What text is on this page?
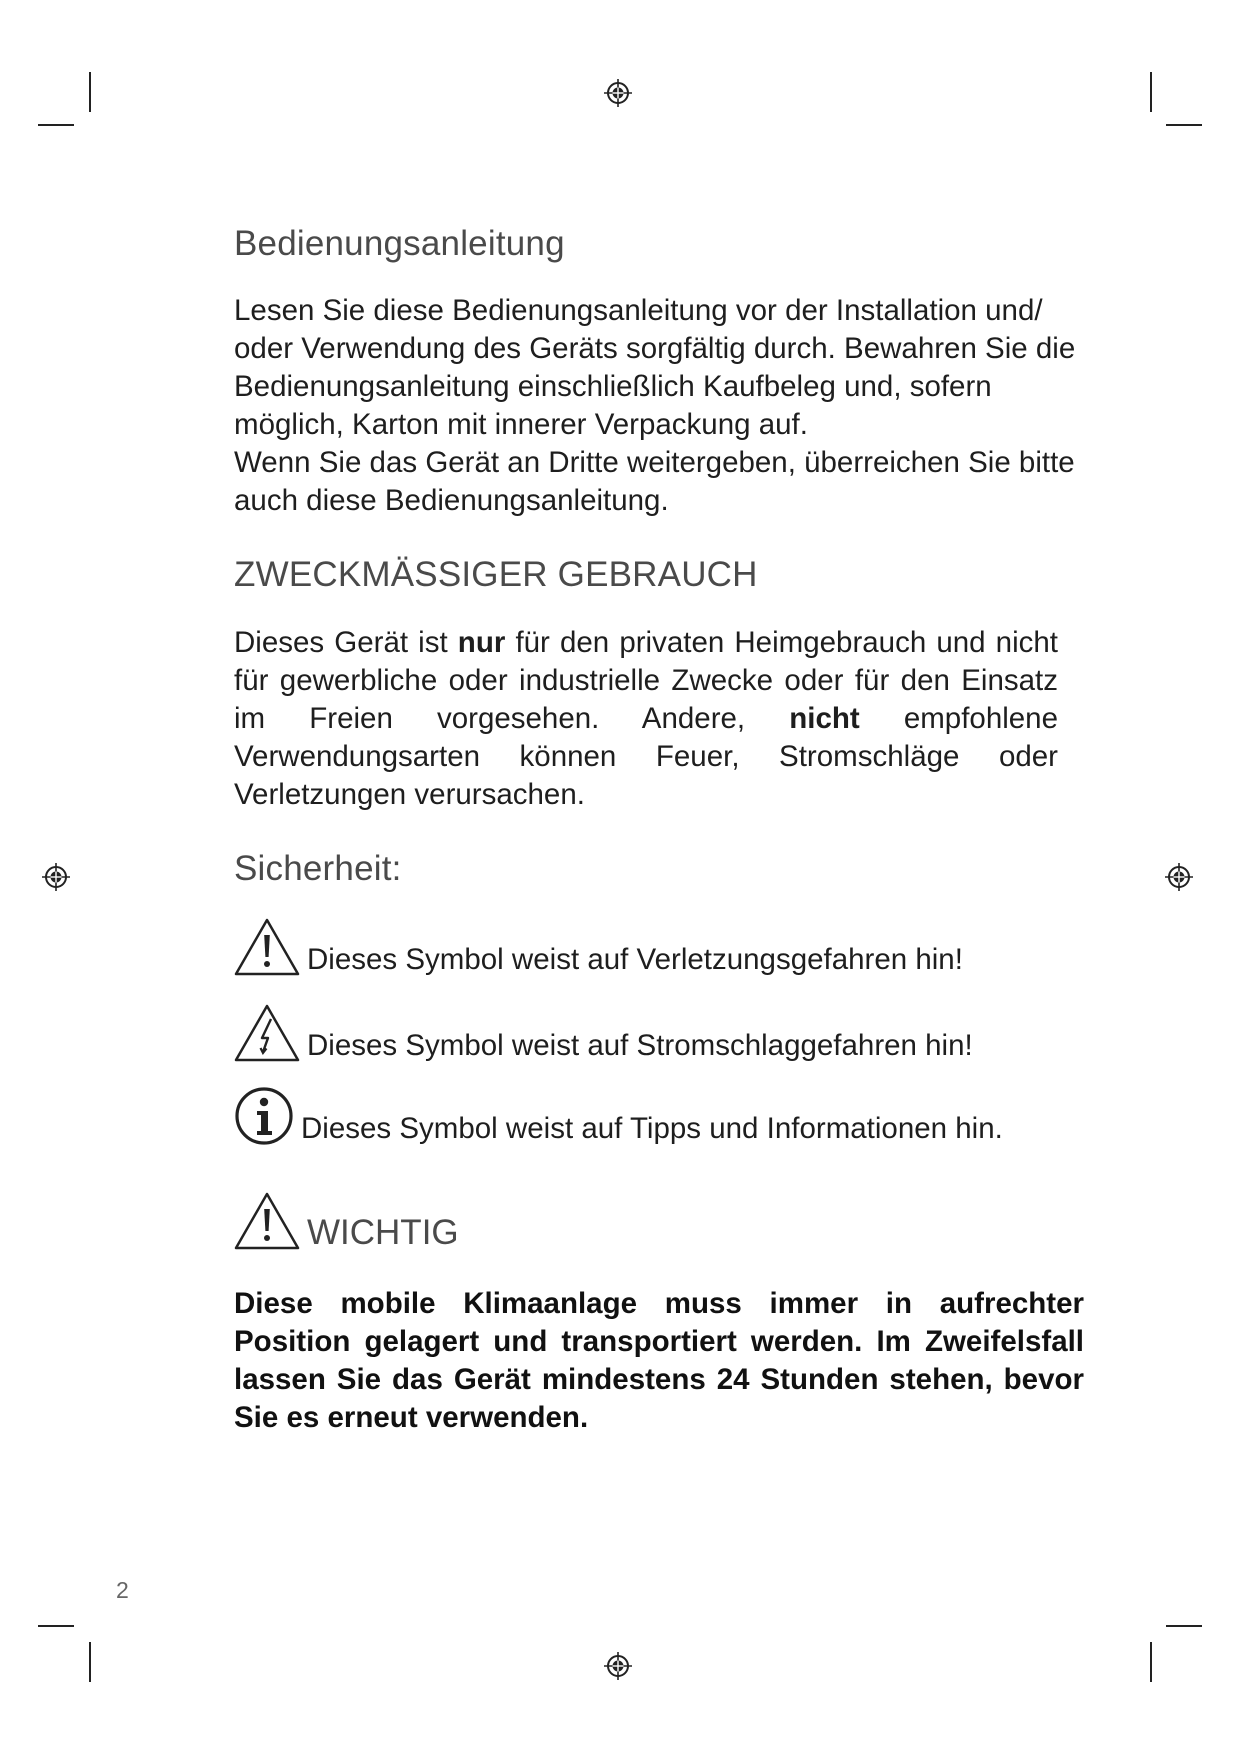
Bedienungsanleitung

Lesen Sie diese Bedienungsanleitung vor der Installation und/ oder Verwendung des Geräts sorgfältig durch. Bewahren Sie die Bedienungsanleitung einschließlich Kaufbeleg und, sofern möglich, Karton mit innerer Verpackung auf.

Wenn Sie das Gerät an Dritte weitergeben, überreichen Sie bitte auch diese Bedienungsanleitung.

ZWECKMÄSSIGER GEBRAUCH
Dieses Gerät ist nur für den privaten Heimgebrauch und nicht für gewerbliche oder industrielle Zwecke oder für den Einsatz im Freien vorgesehen. Andere, nicht empfohlene Verwendungsarten können Feuer, Stromschläge oder Verletzungen verursachen.
Sicherheit:
Dieses Symbol weist auf Verletzungsgefahren hin!
Dieses Symbol weist auf Stromschlaggefahren hin!
Dieses Symbol weist auf Tipps und Informationen hin.
WICHTIG
Diese mobile Klimaanlage muss immer in aufrechter Position gelagert und transportiert werden. Im Zweifelsfall lassen Sie das Gerät mindestens 24 Stunden stehen, bevor Sie es erneut verwenden.
2
